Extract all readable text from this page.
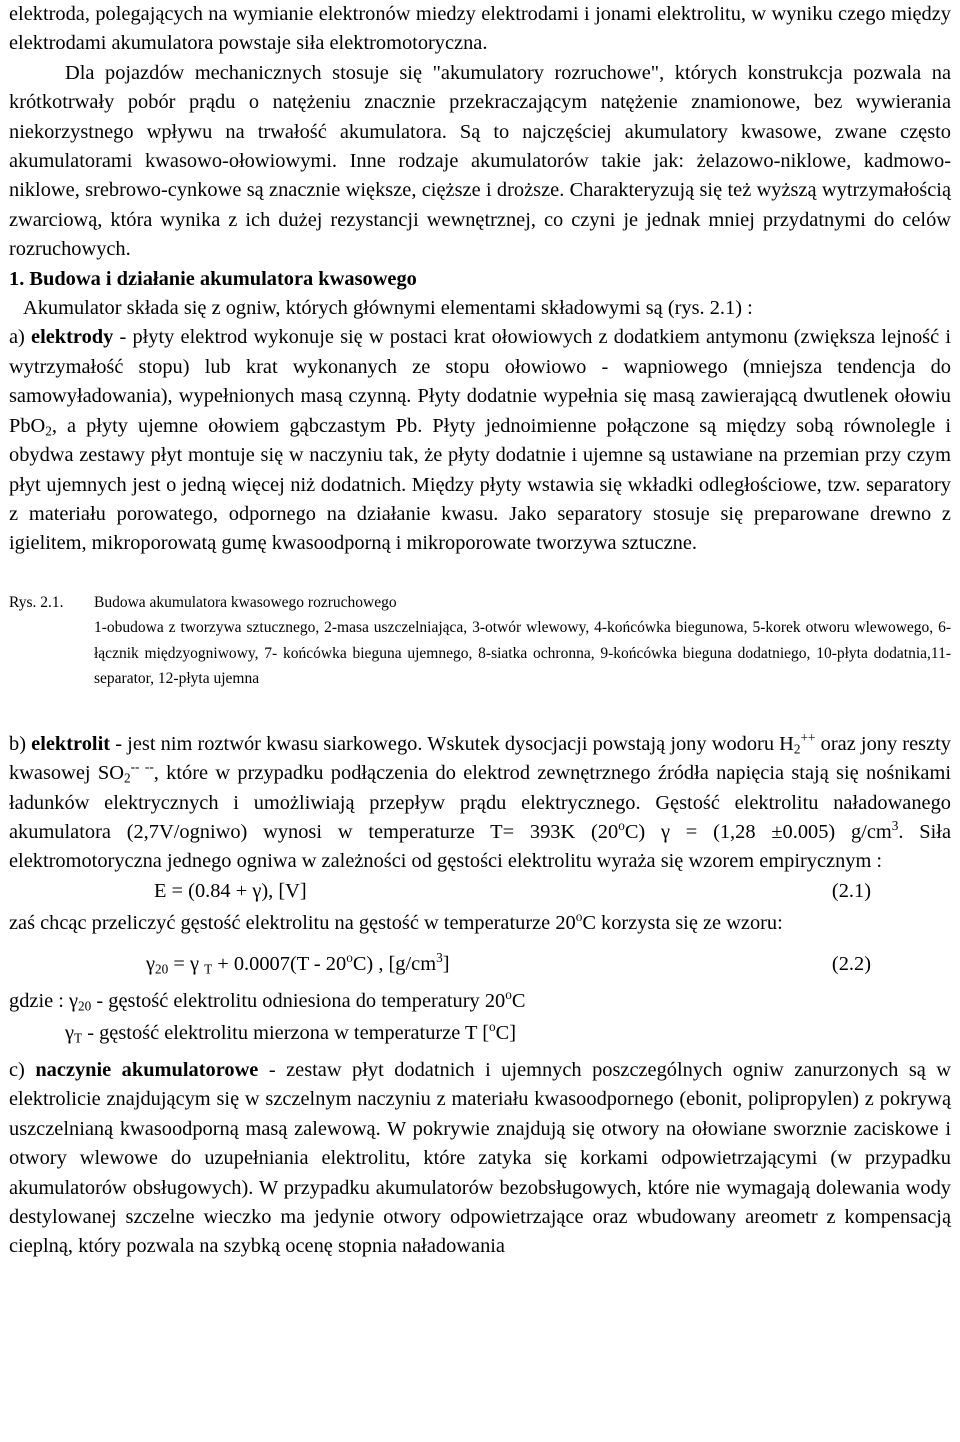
elektroda, polegających na wymianie elektronów miedzy elektrodami i jonami elektrolitu, w wyniku czego między elektrodami akumulatora powstaje siła elektromotoryczna.

Dla pojazdów mechanicznych stosuje się "akumulatory rozruchowe", których konstrukcja pozwala na krótkotrwały pobór prądu o natężeniu znacznie przekraczającym natężenie znamionowe, bez wywierania niekorzystnego wpływu na trwałość akumulatora. Są to najczęściej akumulatory kwasowe, zwane często akumulatorami kwasowo-ołowiowymi. Inne rodzaje akumulatorów takie jak: żelazowo-niklowe, kadmowo-niklowe, srebrowo-cynkowe są znacznie większe, cięższe i droższe. Charakteryzują się też wyższą wytrzymałością zwarciową, która wynika z ich dużej rezystancji wewnętrznej, co czyni je jednak mniej przydatnymi do celów rozruchowych.

1. Budowa i działanie akumulatora kwasowego

Akumulator składa się z ogniw, których głównymi elementami składowymi są (rys. 2.1) :

a) elektrody - płyty elektrod wykonuje się w postaci krat ołowiowych z dodatkiem antymonu (zwiększa lejność i wytrzymałość stopu) lub krat wykonanych ze stopu ołowiowo - wapniowego (mniejsza tendencja do samowyładowania), wypełnionych masą czynną. Płyty dodatnie wypełnia się masą zawierającą dwutlenek ołowiu PbO$_2$, a płyty ujemne ołowiem gąbczastym Pb. Płyty jednoimienne połączone są między sobą równolegle i obydwa zestawy płyt montuje się w naczyniu tak, że płyty dodatnie i ujemne są ustawiane na przemian przy czym płyt ujemnych jest o jedną więcej niż dodatnich. Między płyty wstawia się wkładki odległościowe, tzw. separatory z materiału porowatego, odpornego na działanie kwasu. Jako separatory stosuje się preparowane drewno z igielitem, mikroporowatą gumę kwasoodporną i mikroporowate tworzywa sztuczne.

Rys. 2.1. Budowa akumulatora kwasowego rozruchowego
1-obudowa z tworzywa sztucznego, 2-masa uszczelniająca, 3-otwór wlewowy, 4-końcówka biegunowa, 5-korek otworu wlewowego, 6-łącznik międzyogniwowy, 7- końcówka bieguna ujemnego, 8-siatka ochronna, 9-końcówka bieguna dodatniego, 10-płyta dodatnia,11-separator, 12-płyta ujemna

b) elektrolit - jest nim roztwór kwasu siarkowego. Wskutek dysocjacji powstają jony wodoru $H_2^{++}$ oraz jony reszty kwasowej $SO_2^{-- --}$, które w przypadku podłączenia do elektrod zewnętrznego źródła napięcia stają się nośnikami ładunków elektrycznych i umożliwiają przepływ prądu elektrycznego. Gęstość elektrolitu naładowanego akumulatora (2,7V/ogniwo) wynosi w temperaturze T= 393K (20$^o$C) γ = (1,28 ±0.005) $g/cm^3$. Siła elektromotoryczna jednego ogniwa w zależności od gęstości elektrolitu wyraża się wzorem empirycznym :

E = (0.84 + γ), [V]	(2.1)

zaś chcąc przeliczyć gęstość elektrolitu na gęstość w temperaturze 20$^o$C korzysta się ze wzoru:

$\gamma_{20} = \gamma$ $_T$ + 0.0007(T - 20$^o$C) , $[g/cm^3]$	(2.2)

gdzie : $\gamma_{20}$ - gęstość elektrolitu odniesiona do temperatury 20$^o$C

$\gamma_T$ - gęstość elektrolitu mierzona w temperaturze T [$^o$C]

c) naczynie akumulatorowe - zestaw płyt dodatnich i ujemnych poszczególnych ogniw zanurzonych są w elektrolicie znajdującym się w szczelnym naczyniu z materiału kwasoodpornego (ebonit, polipropylen) z pokrywą uszczelnianą kwasoodporną masą zalewową. W pokrywie znajdują się otwory na ołowiane sworznie zaciskowe i otwory wlewowe do uzupełniania elektrolitu, które zatyka się korkami odpowietrzającymi (w przypadku akumulatorów obsługowych). W przypadku akumulatorów bezobsługowych, które nie wymagają dolewania wody destylowanej szczelne wieczko ma jedynie otwory odpowietrzające oraz wbudowany areometr z kompensacją cieplną, który pozwala na szybką ocenę stopnia naładowania
